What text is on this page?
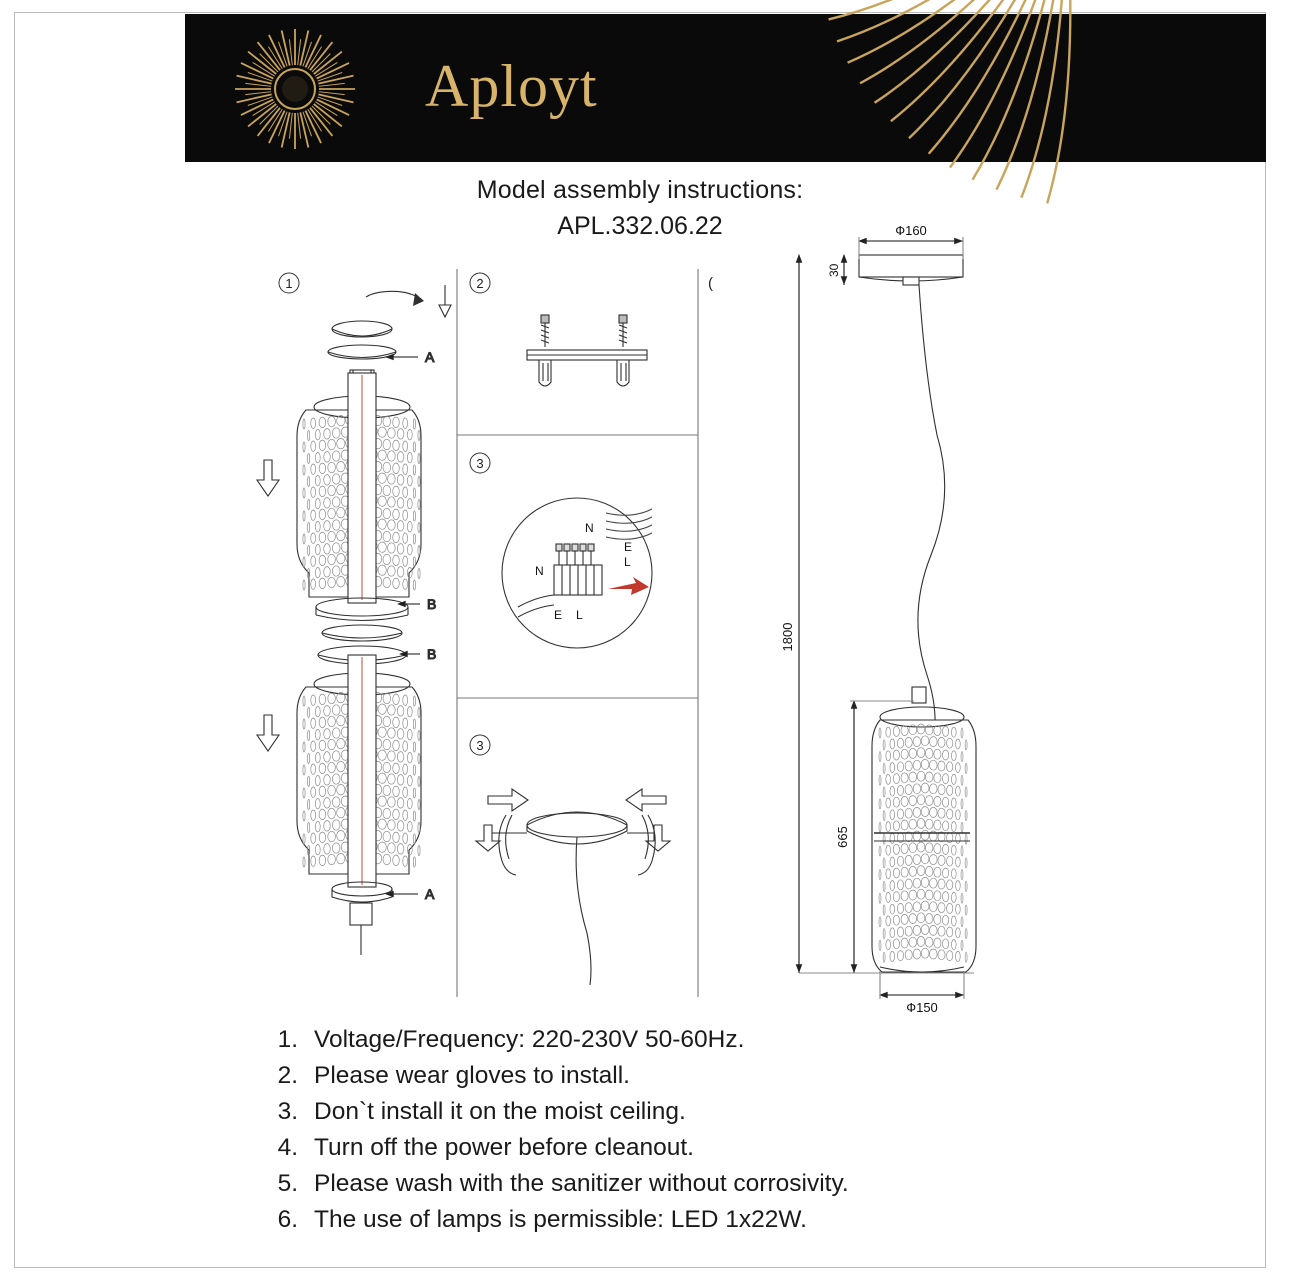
Aployt
Model assembly instructions:
APL.332.06.22
1	2
3
3
(
A
B
B
A
N
E
L
N
E L
Ф160
30
1800
665
Ф150
1. Voltage/Frequency: 220-230V 50-60Hz.
2. Please wear gloves to install.
3. Don`t install it on the moist ceiling.
4. Turn off the power before cleanout.
5. Please wash with the sanitizer without corrosivity.
6. The use of lamps is permissible: LED 1x22W.
